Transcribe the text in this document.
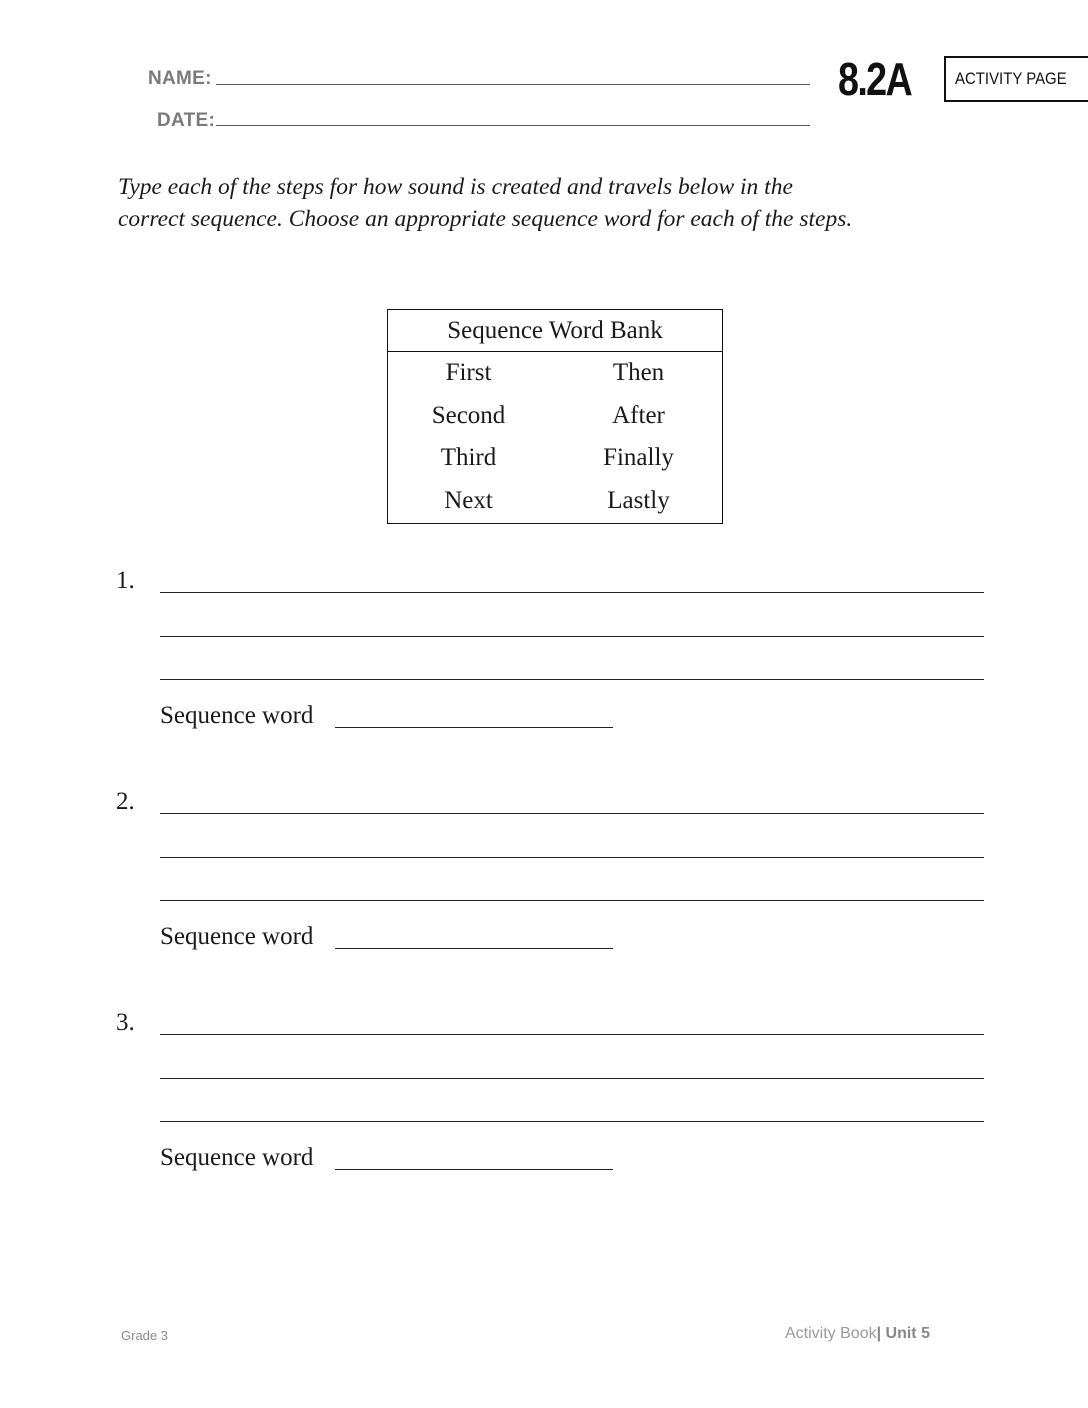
NAME:
DATE:
8.2A	ACTIVITY PAGE
Type each of the steps for how sound is created and travels below in the
correct sequence. Choose an appropriate sequence word for each of the steps.
Sequence Word Bank
First	Then
Second	After
Third	Finally
Next	Lastly
1.
Sequence word
2.
Sequence word
3.
Sequence word
Grade 3	Activity Book| Unit 5
